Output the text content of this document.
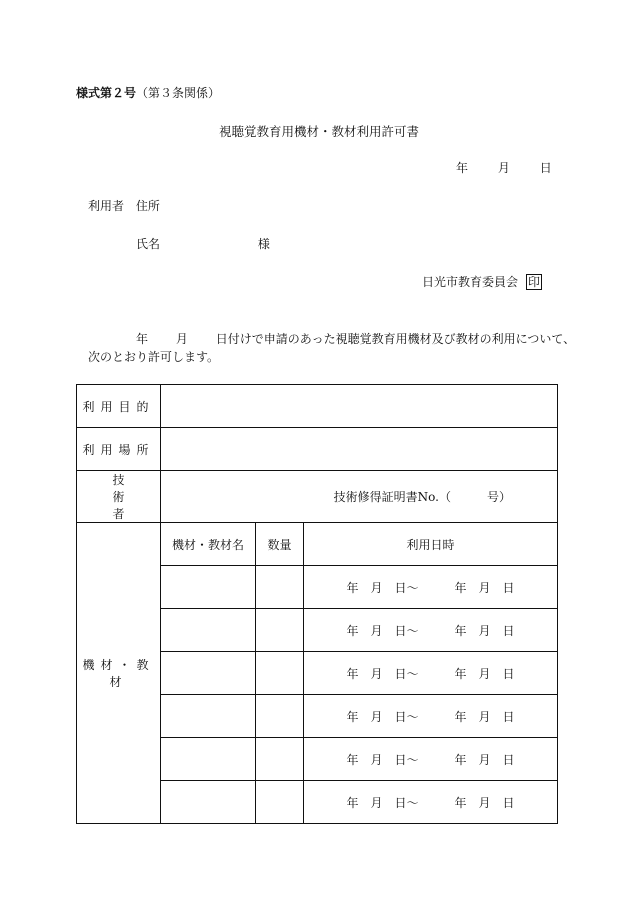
様式第２号（第３条関係）
視聴覚教育用機材・教材利用許可書
年 月 日
利用者 住所
氏名	様
日光市教育委員会 印
年 月 日付けで申請のあった視聴覚教育用機材及び教材の利用について、
次のとおり許可します。
利用目的			
利用場所			
技術者	技術修得証明書No.（　　　号）		
機材・教材	機材・教材名	数量	利用日時
			年　月　日～　　　年　月　日
			年　月　日～　　　年　月　日
			年　月　日～　　　年　月　日
			年　月　日～　　　年　月　日
			年　月　日～　　　年　月　日
			年　月　日～　　　年　月　日
